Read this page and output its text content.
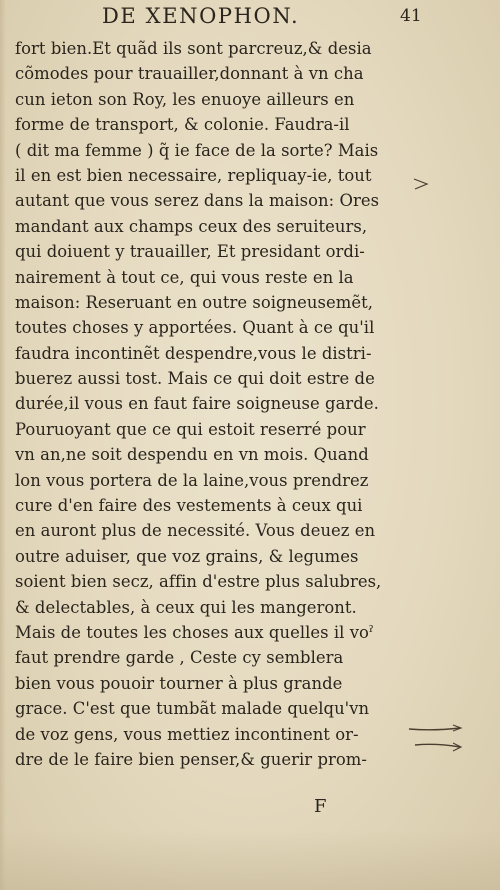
DE XENOPHON.	41
fort bien.Et quãd ils sont parcreuz,& desia
cõmodes pour trauailler,donnant à vn cha
cun ieton son Roy, les enuoye ailleurs en
forme de transport, & colonie. Faudra-il
( dit ma femme ) q̃ ie face de la sorte? Mais
il en est bien necessaire, repliquay-ie, tout
autant que vous serez dans la maison: Ores
mandant aux champs ceux des seruiteurs,
qui doiuent y trauailler, Et presidant ordi-
nairement à tout ce, qui vous reste en la
maison: Reseruant en outre soigneusemẽt,
toutes choses y apportées. Quant à ce qu'il
faudra incontinẽt despendre,vous le distri-
buerez aussi tost. Mais ce qui doit estre de
durée,il vous en faut faire soigneuse garde.
Pouruoyant que ce qui estoit reserré pour
vn an,ne soit despendu en vn mois. Quand
lon vous portera de la laine,vous prendrez
cure d'en faire des vestements à ceux qui
en auront plus de necessité. Vous deuez en
outre aduiser, que voz grains, & legumes
soient bien secz, affin d'estre plus salubres,
& delectables, à ceux qui les mangeront.
Mais de toutes les choses aux quelles il voˀ
faut prendre garde , Ceste cy semblera
bien vous pouoir tourner à plus grande
grace. C'est que tumbãt malade quelqu'vn
de voz gens, vous mettiez incontinent or-
dre de le faire bien penser,& guerir prom-
F
